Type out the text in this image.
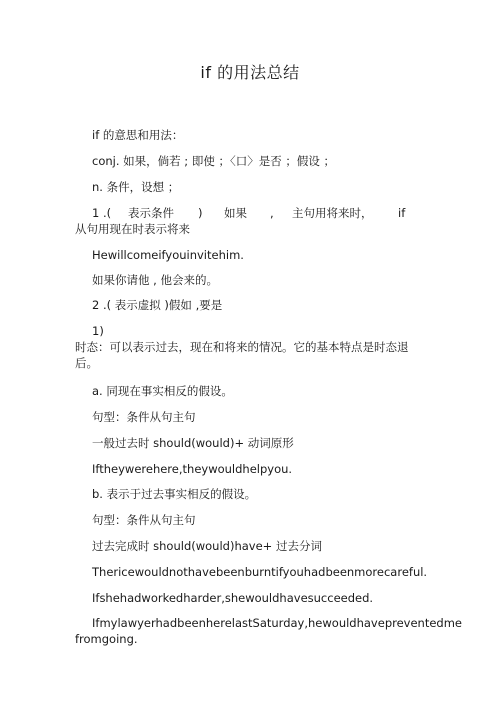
if 的用法总结
if 的意思和用法：
conj. 如果，倘若 ; 即使 ；〈口〉是否 ；假设 ；
n. 条件，设想 ；
1 .( 表示条件 ) 如果 , 主句用将来时， if
从句用现在时表示将来
Hewillcomeifyouinvitehim.
如果你请他 , 他会来的。
2 .( 表示虚拟 )假如 ,要是
1)
时态：可以表示过去，现在和将来的情况。它的基本特点是时态退后。
a. 同现在事实相反的假设。
句型：条件从句主句
一般过去时 should(would)+ 动词原形
Iftheywerehere,theywouldhelpyou.
b. 表示于过去事实相反的假设。
句型：条件从句主句
过去完成时 should(would)have+ 过去分词
Thericewouldnothavebeenburntifyouhadbeenmorecareful.
Ifshehadworkedharder,shewouldhavesucceeded.
IfmylawyerhadbeenherelastSaturday,hewouldhavepreventedme fromgoing.
